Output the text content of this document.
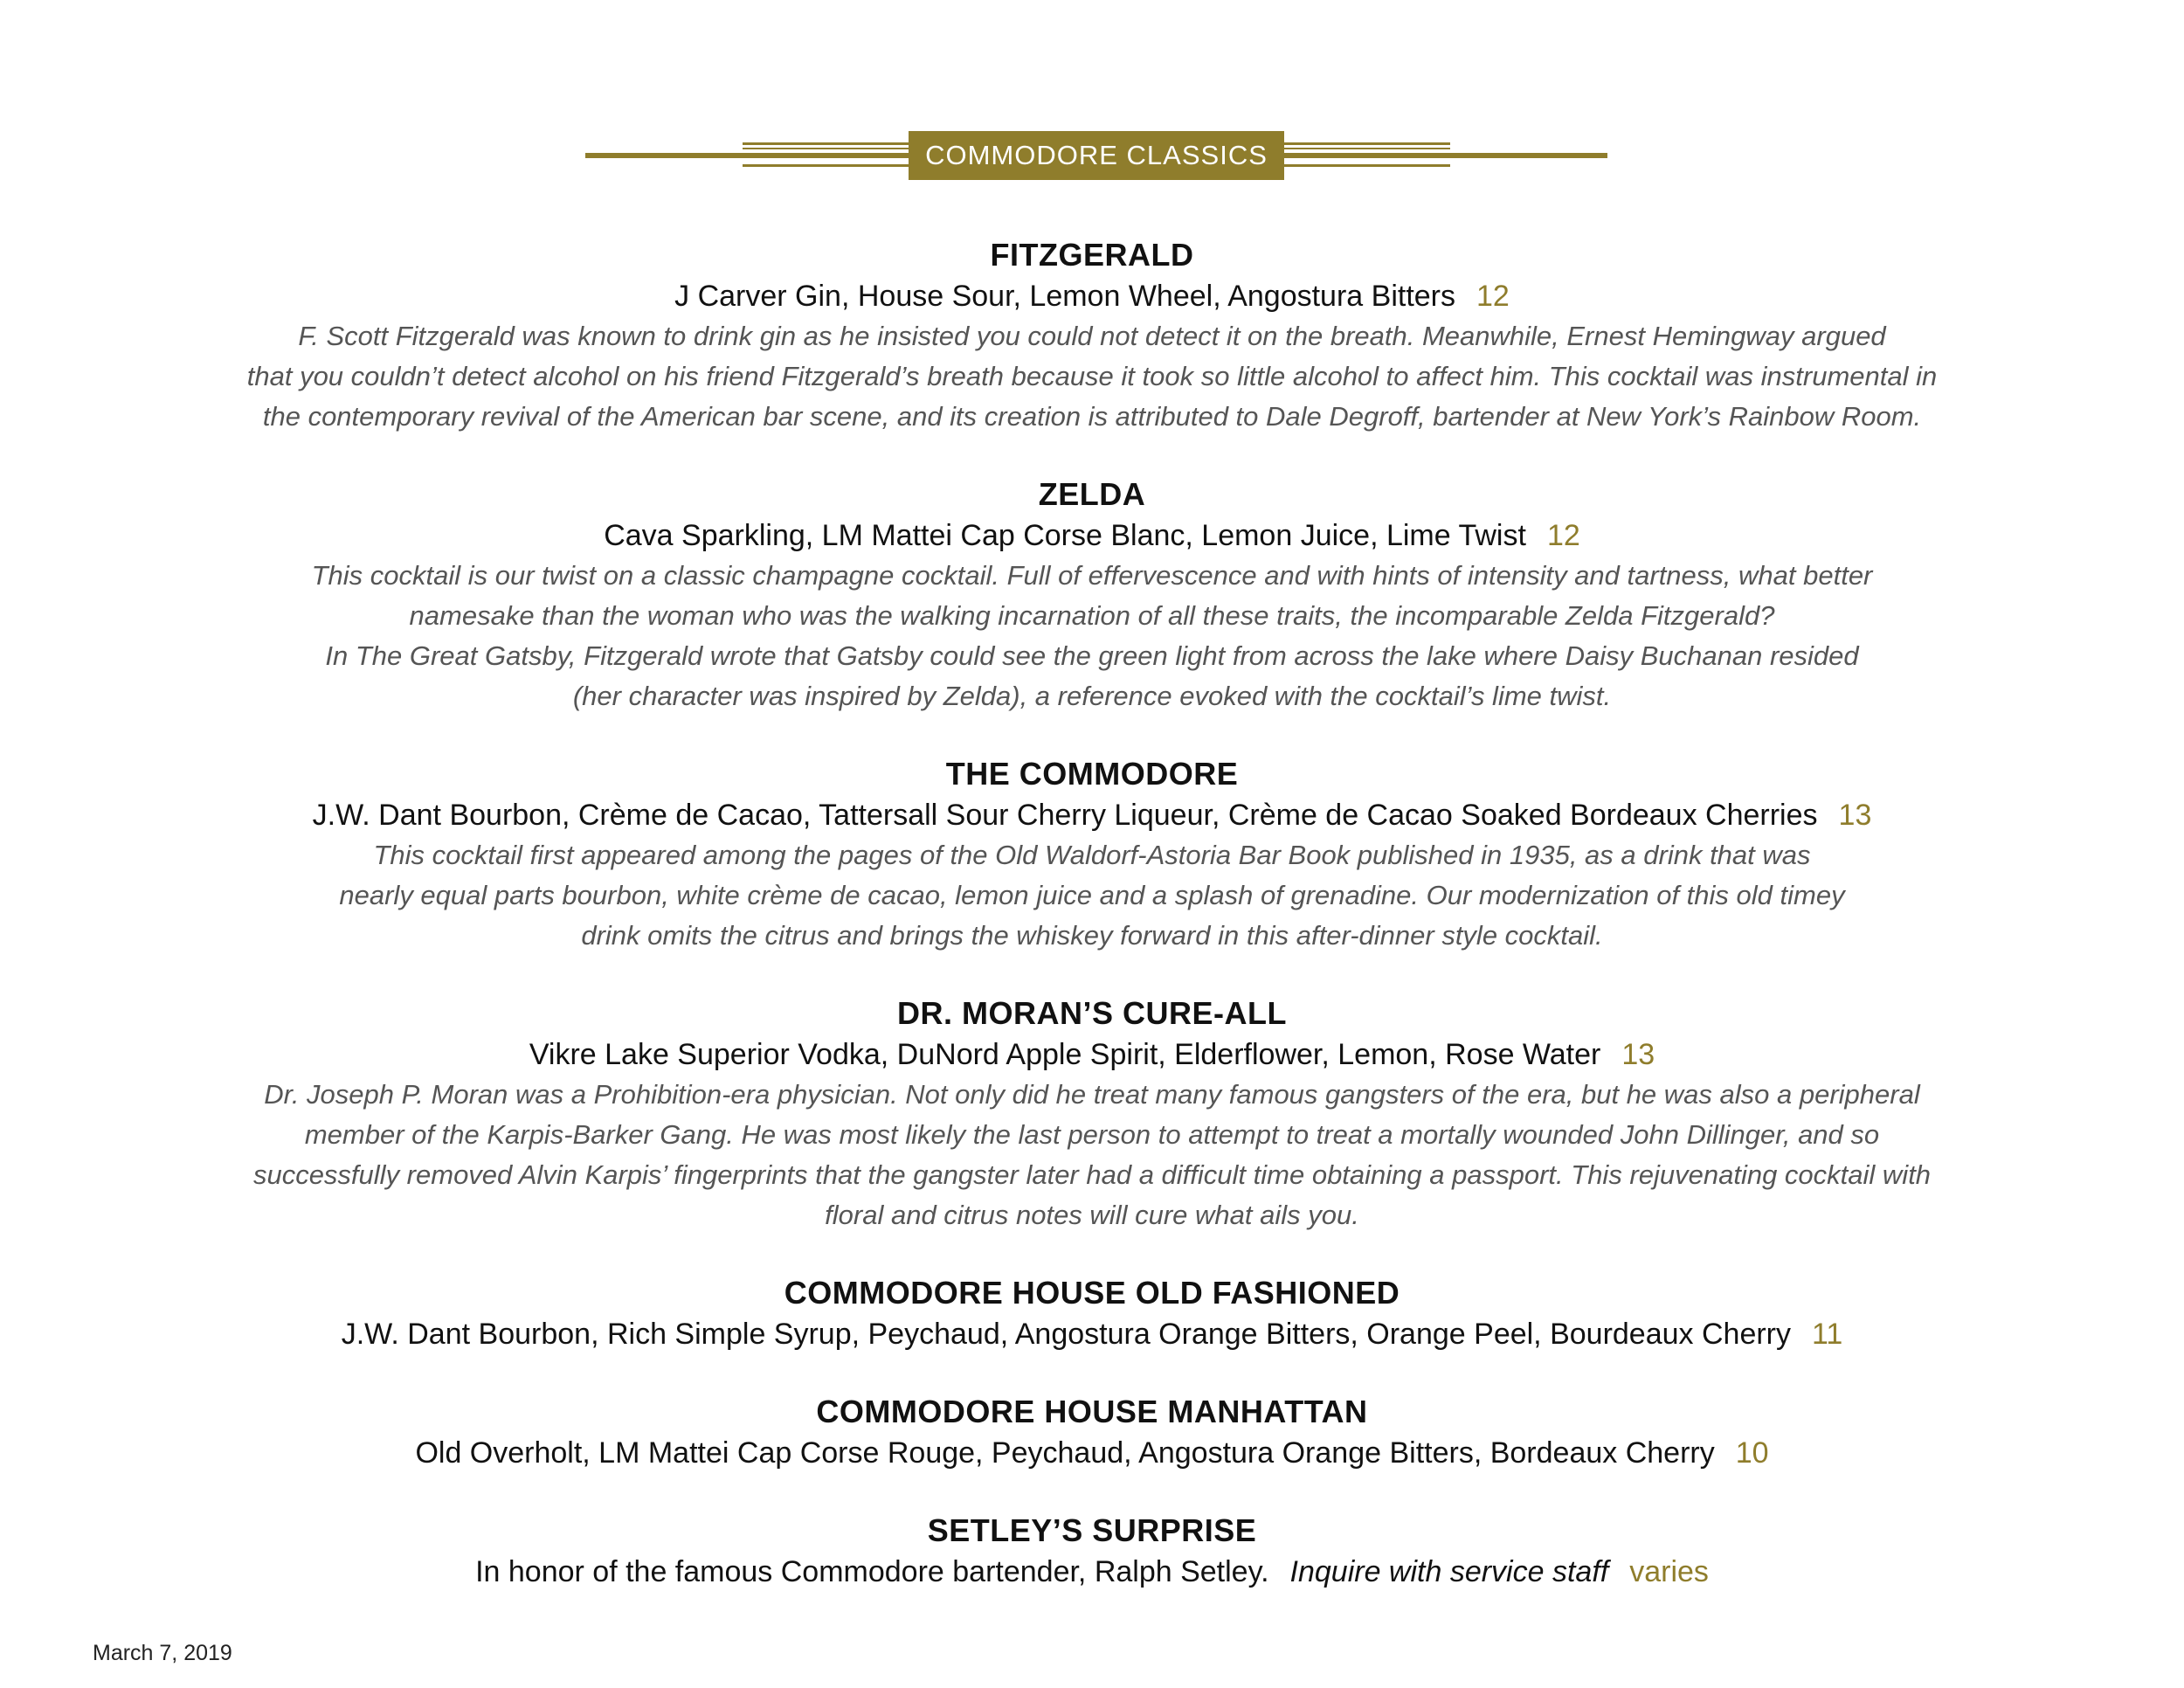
COMMODORE CLASSICS
FITZGERALD
J Carver Gin, House Sour, Lemon Wheel, Angostura Bitters 12
F. Scott Fitzgerald was known to drink gin as he insisted you could not detect it on the breath. Meanwhile, Ernest Hemingway argued
that you couldn’t detect alcohol on his friend Fitzgerald’s breath because it took so little alcohol to affect him. This cocktail was instrumental in
the contemporary revival of the American bar scene, and its creation is attributed to Dale Degroff, bartender at New York’s Rainbow Room.
ZELDA
Cava Sparkling, LM Mattei Cap Corse Blanc, Lemon Juice, Lime Twist 12
This cocktail is our twist on a classic champagne cocktail. Full of effervescence and with hints of intensity and tartness, what better
namesake than the woman who was the walking incarnation of all these traits, the incomparable Zelda Fitzgerald?
In The Great Gatsby, Fitzgerald wrote that Gatsby could see the green light from across the lake where Daisy Buchanan resided
(her character was inspired by Zelda), a reference evoked with the cocktail’s lime twist.
THE COMMODORE
J.W. Dant Bourbon, Crème de Cacao, Tattersall Sour Cherry Liqueur, Crème de Cacao Soaked Bordeaux Cherries 13
This cocktail first appeared among the pages of the Old Waldorf-Astoria Bar Book published in 1935, as a drink that was
nearly equal parts bourbon, white crème de cacao, lemon juice and a splash of grenadine. Our modernization of this old timey
drink omits the citrus and brings the whiskey forward in this after-dinner style cocktail.
DR. MORAN’S CURE-ALL
Vikre Lake Superior Vodka, DuNord Apple Spirit, Elderflower, Lemon, Rose Water 13
Dr. Joseph P. Moran was a Prohibition-era physician. Not only did he treat many famous gangsters of the era, but he was also a peripheral
member of the Karpis-Barker Gang. He was most likely the last person to attempt to treat a mortally wounded John Dillinger, and so
successfully removed Alvin Karpis’ fingerprints that the gangster later had a difficult time obtaining a passport. This rejuvenating cocktail with
floral and citrus notes will cure what ails you.
COMMODORE HOUSE OLD FASHIONED
J.W. Dant Bourbon, Rich Simple Syrup, Peychaud, Angostura Orange Bitters, Orange Peel, Bourdeaux Cherry 11
COMMODORE HOUSE MANHATTAN
Old Overholt, LM Mattei Cap Corse Rouge, Peychaud, Angostura Orange Bitters, Bordeaux Cherry 10
SETLEY’S SURPRISE
In honor of the famous Commodore bartender, Ralph Setley. Inquire with service staff varies
March 7, 2019
